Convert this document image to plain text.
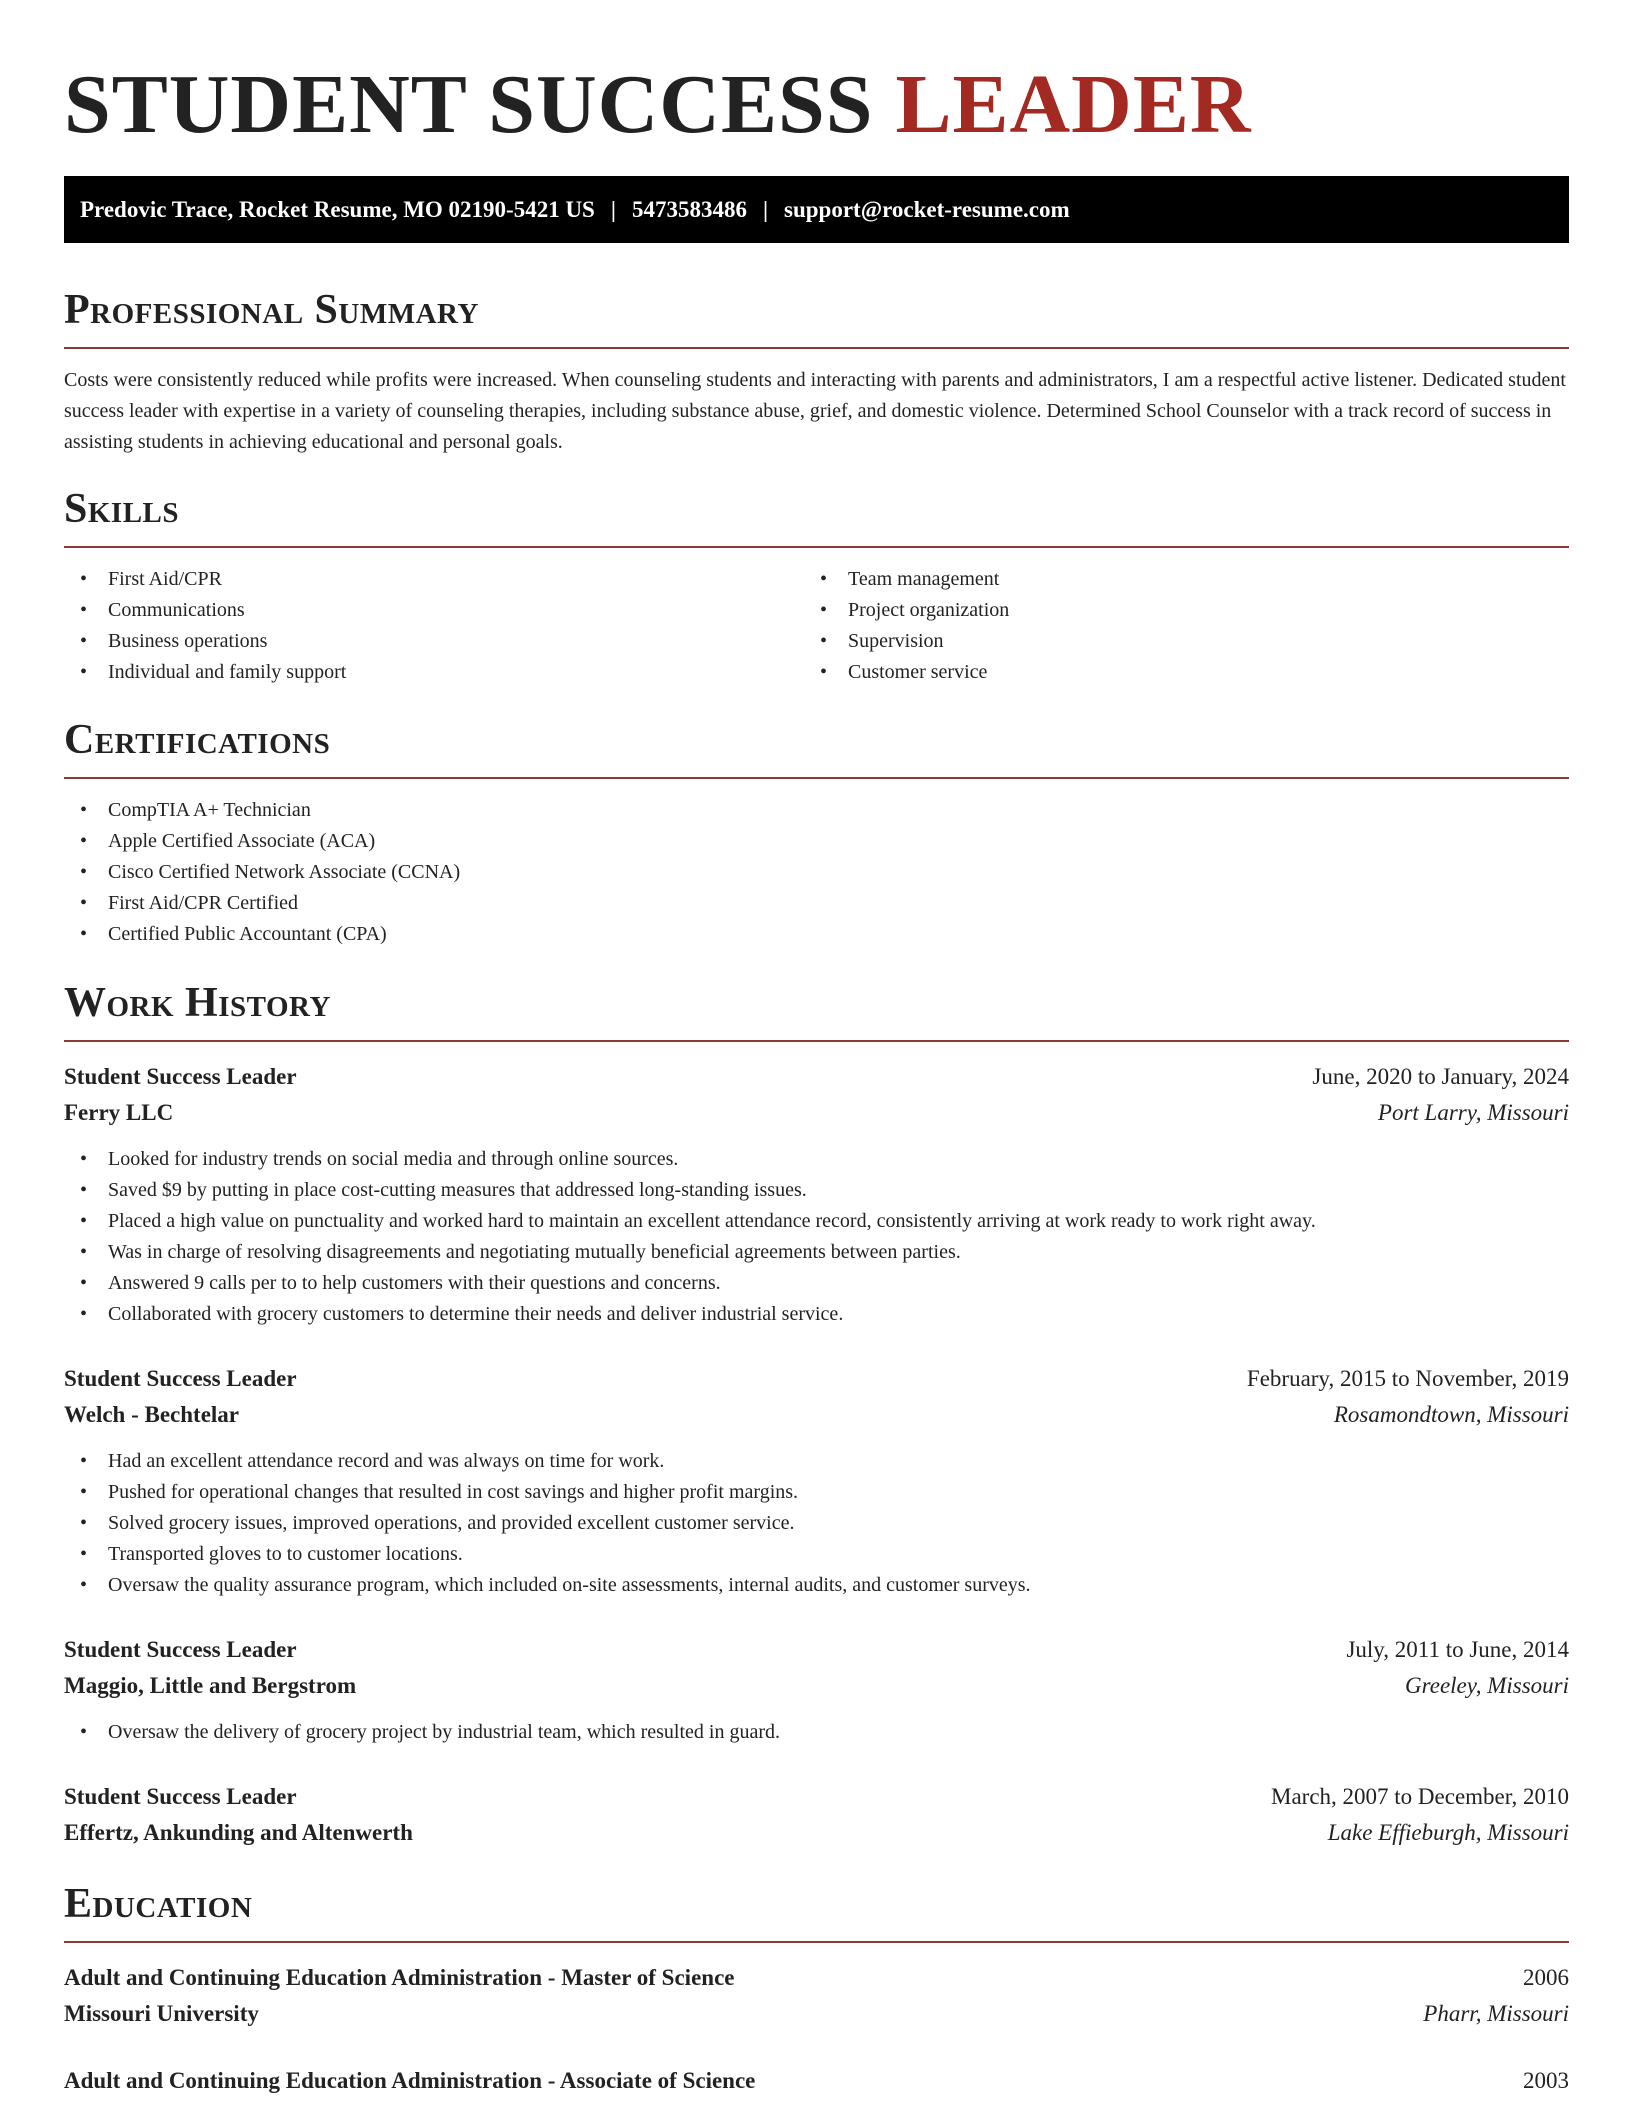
STUDENT SUCCESS LEADER
Predovic Trace, Rocket Resume, MO 02190-5421 US | 5473583486 | support@rocket-resume.com
Professional Summary

Costs were consistently reduced while profits were increased. When counseling students and interacting with parents and administrators, I am a respectful active listener. Dedicated student success leader with expertise in a variety of counseling therapies, including substance abuse, grief, and domestic violence. Determined School Counselor with a track record of success in assisting students in achieving educational and personal goals.

Skills
• First Aid/CPR
• Communications
• Business operations
• Individual and family support
• Team management
• Project organization
• Supervision
• Customer service
Certifications
• CompTIA A+ Technician
• Apple Certified Associate (ACA)
• Cisco Certified Network Associate (CCNA)
• First Aid/CPR Certified
• Certified Public Accountant (CPA)
Work History
Student Success Leader	June, 2020 to January, 2024
Ferry LLC	Port Larry, Missouri
• Looked for industry trends on social media and through online sources.
• Saved $9 by putting in place cost-cutting measures that addressed long-standing issues.
• Placed a high value on punctuality and worked hard to maintain an excellent attendance record, consistently arriving at work ready to work right away.
• Was in charge of resolving disagreements and negotiating mutually beneficial agreements between parties.
• Answered 9 calls per to to help customers with their questions and concerns.
• Collaborated with grocery customers to determine their needs and deliver industrial service.
Student Success Leader	February, 2015 to November, 2019
Welch - Bechtelar	Rosamondtown, Missouri
• Had an excellent attendance record and was always on time for work.
• Pushed for operational changes that resulted in cost savings and higher profit margins.
• Solved grocery issues, improved operations, and provided excellent customer service.
• Transported gloves to to customer locations.
• Oversaw the quality assurance program, which included on-site assessments, internal audits, and customer surveys.
Student Success Leader	July, 2011 to June, 2014
Maggio, Little and Bergstrom	Greeley, Missouri
• Oversaw the delivery of grocery project by industrial team, which resulted in guard.
Student Success Leader	March, 2007 to December, 2010
Effertz, Ankunding and Altenwerth	Lake Effieburgh, Missouri
Education
Adult and Continuing Education Administration - Master of Science	2006
Missouri University	Pharr, Missouri
Adult and Continuing Education Administration - Associate of Science	2003
